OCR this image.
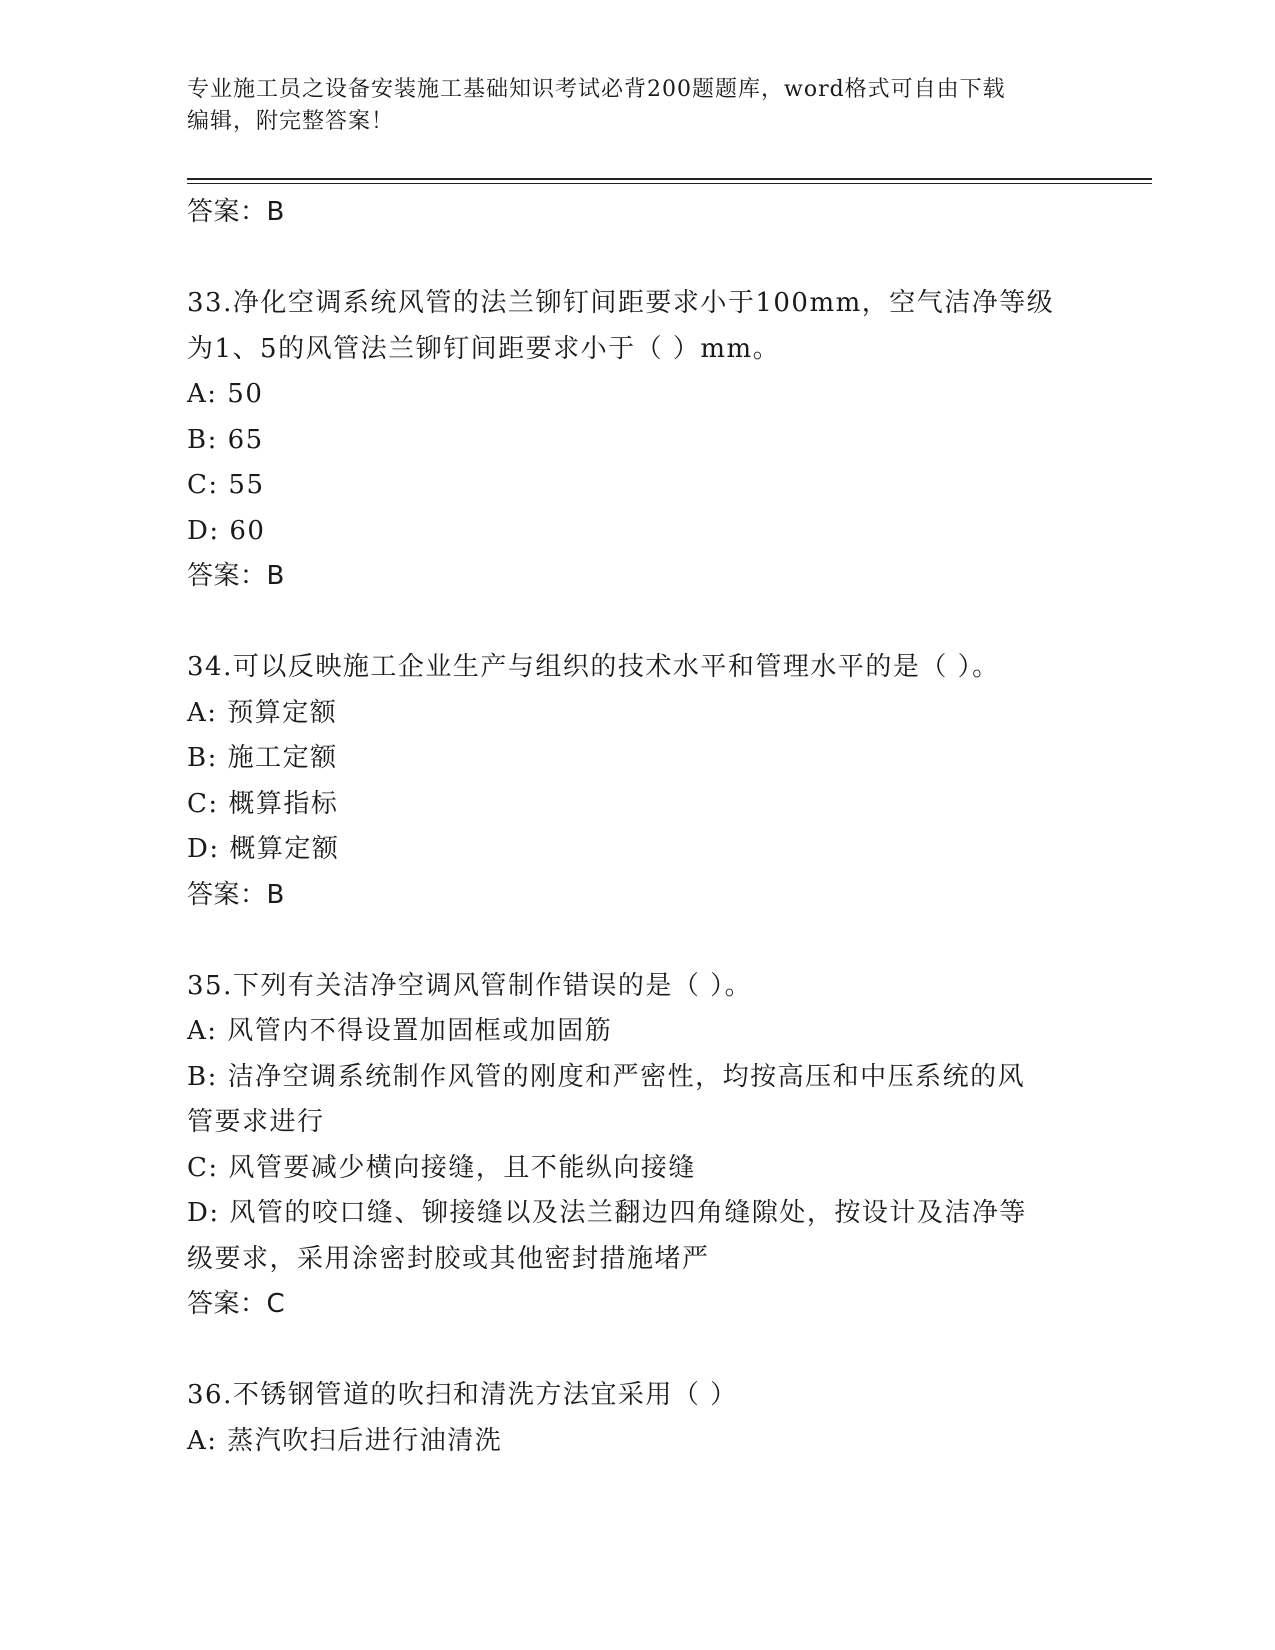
专业施工员之设备安装施工基础知识考试必背200题题库，word格式可自由下载
编辑，附完整答案！
答案：B
33.净化空调系统风管的法兰铆钉间距要求小于100mm，空气洁净等级
为1、5的风管法兰铆钉间距要求小于（ ）mm。
A: 50
B: 65
C: 55
D: 60
答案：B
34.可以反映施工企业生产与组织的技术水平和管理水平的是（ ）。
A: 预算定额
B: 施工定额
C: 概算指标
D: 概算定额
答案：B
35.下列有关洁净空调风管制作错误的是（ ）。
A: 风管内不得设置加固框或加固筋
B: 洁净空调系统制作风管的刚度和严密性，均按高压和中压系统的风
管要求进行
C: 风管要减少横向接缝，且不能纵向接缝
D: 风管的咬口缝、铆接缝以及法兰翻边四角缝隙处，按设计及洁净等
级要求，采用涂密封胶或其他密封措施堵严
答案：C
36.不锈钢管道的吹扫和清洗方法宜采用（ ）
A: 蒸汽吹扫后进行油清洗
